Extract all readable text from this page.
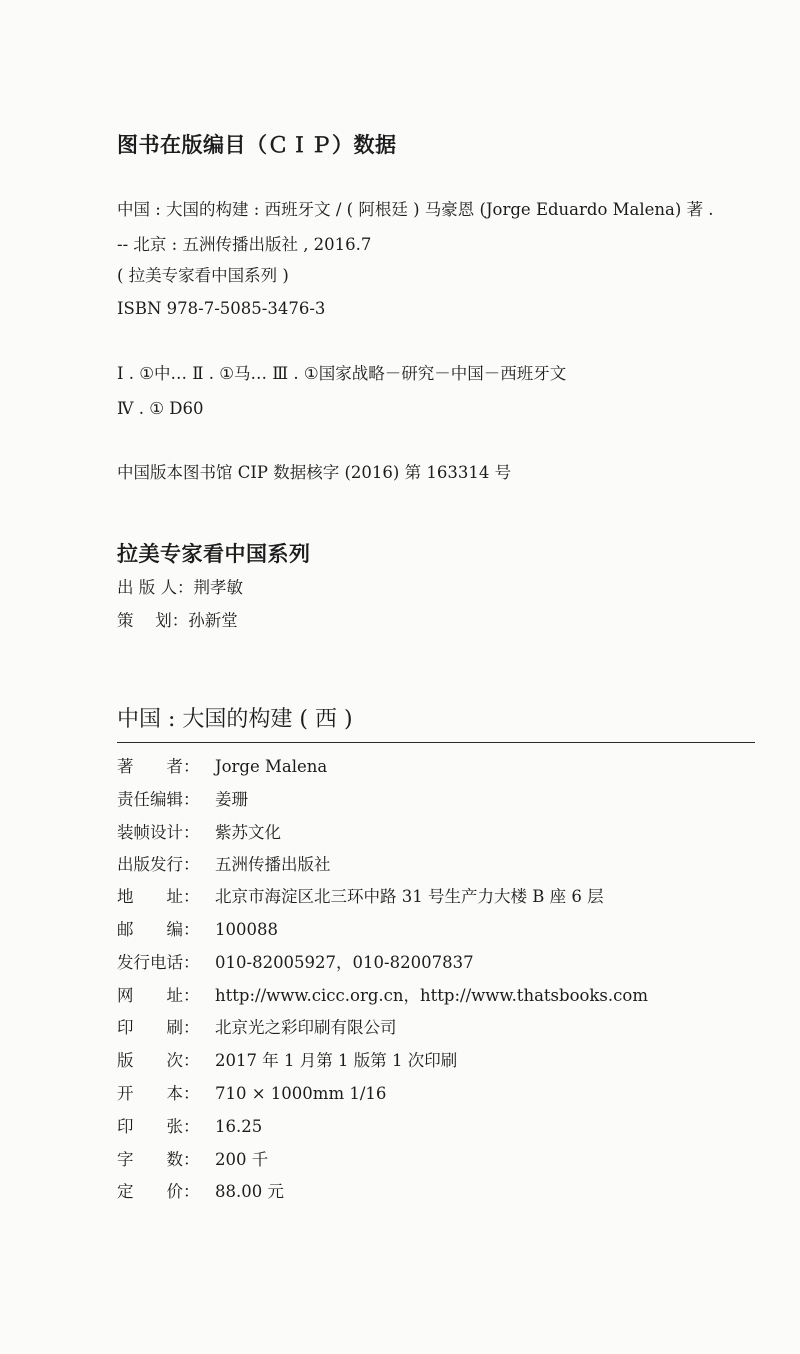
图书在版编目（ＣＩＰ）数据
中国 : 大国的构建 : 西班牙文 / ( 阿根廷 ) 马豪恩 (Jorge Eduardo Malena) 著 .
-- 北京 : 五洲传播出版社 , 2016.7
( 拉美专家看中国系列 )
ISBN 978-7-5085-3476-3
Ⅰ . ①中… Ⅱ . ①马… Ⅲ . ①国家战略－研究－中国－西班牙文
Ⅳ . ① D60
中国版本图书馆 CIP 数据核字 (2016) 第 163314 号
拉美专家看中国系列
出 版 人：荆孝敏
策　 划：孙新堂
中国 : 大国的构建 ( 西 )
著　　者： Jorge Malena
责任编辑： 姜珊
装帧设计： 紫苏文化
出版发行： 五洲传播出版社
地　　址： 北京市海淀区北三环中路 31 号生产力大楼 B 座 6 层
邮　　编： 100088
发行电话： 010-82005927，010-82007837
网　　址： http://www.cicc.org.cn，http://www.thatsbooks.com
印　　刷： 北京光之彩印刷有限公司
版　　次： 2017 年 1 月第 1 版第 1 次印刷
开　　本： 710 × 1000mm 1/16
印　　张： 16.25
字　　数： 200 千
定　　价： 88.00 元
